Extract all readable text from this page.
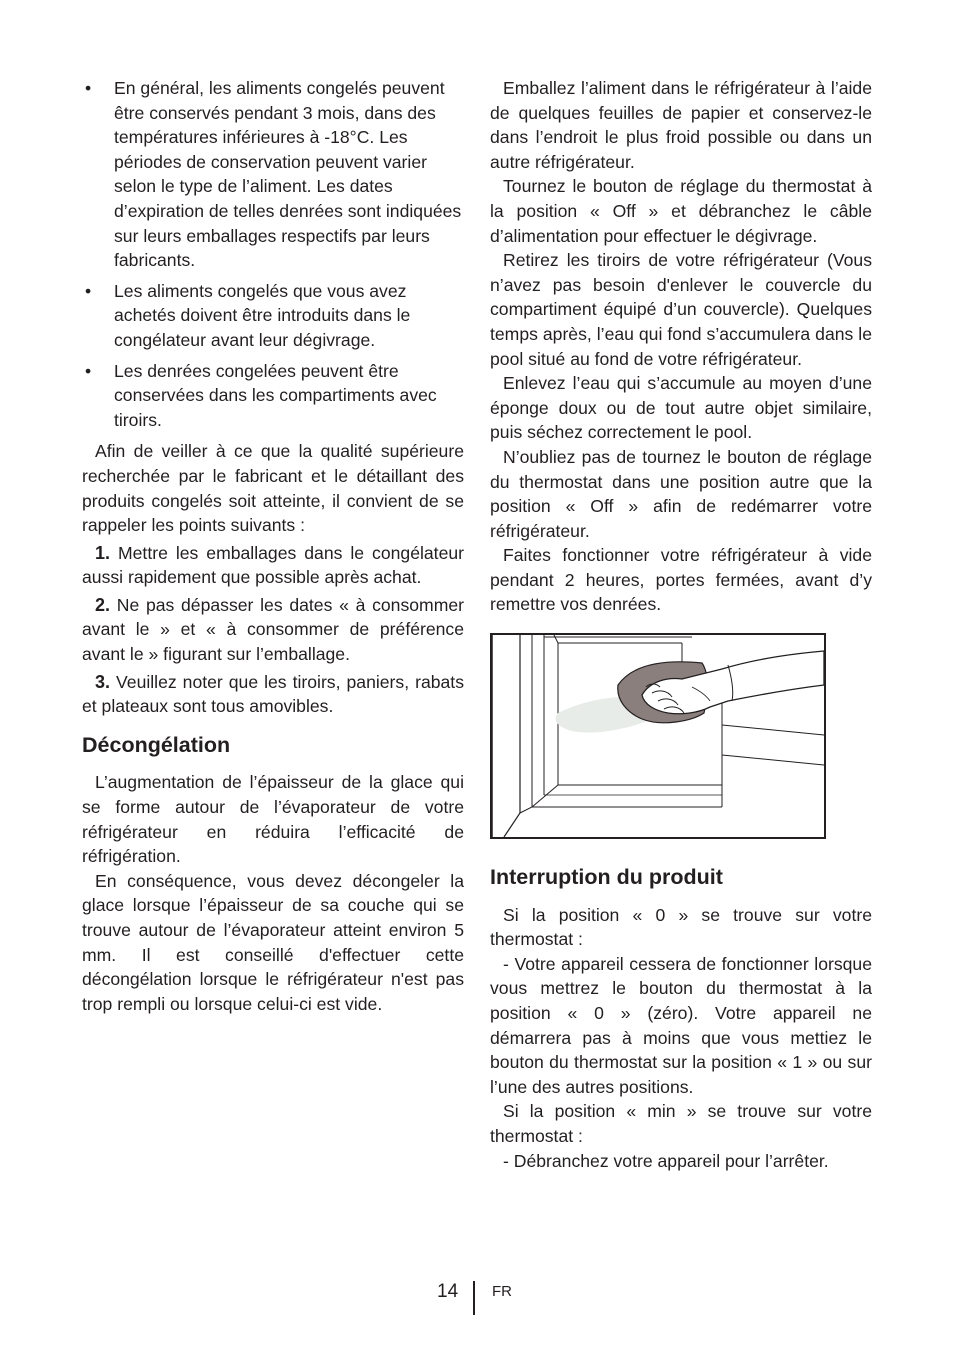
• En général, les aliments congelés peuvent être conservés pendant 3 mois, dans des températures inférieures à -18°C. Les périodes de conservation peuvent varier selon le type de l’aliment. Les dates d’expiration de telles denrées sont indiquées sur leurs emballages respectifs par leurs fabricants.
• Les aliments congelés que vous avez achetés doivent être introduits dans le congélateur avant leur dégivrage.
• Les denrées congelées peuvent être conservées dans les compartiments avec tiroirs.

Afin de veiller à ce que la qualité supérieure recherchée par le fabricant et le détaillant des produits congelés soit atteinte, il convient de se rappeler les points suivants :

1. Mettre les emballages dans le congélateur aussi rapidement que possible après achat.

2. Ne pas dépasser les dates « à consommer avant le » et « à consommer de préférence avant le » figurant sur l’emballage.

3. Veuillez noter que les tiroirs, paniers, rabats et plateaux sont tous amovibles.

Décongélation

L’augmentation de l’épaisseur de la glace qui se forme autour de l’évaporateur de votre réfrigérateur en réduira l’efficacité de réfrigération.

En conséquence, vous devez décongeler la glace lorsque l’épaisseur de sa couche qui se trouve autour de l’évaporateur atteint environ 5 mm. Il est conseillé d'effectuer cette décongélation lorsque le réfrigérateur n'est pas trop rempli ou lorsque celui-ci est vide.

Emballez l’aliment dans le réfrigérateur à l’aide de quelques feuilles de papier et conservez-le dans l’endroit le plus froid possible ou dans un autre réfrigérateur.

Tournez le bouton de réglage du thermostat à la position « Off » et débranchez le câble d’alimentation pour effectuer le dégivrage.

Retirez les tiroirs de votre réfrigérateur (Vous n’avez pas besoin d'enlever le couvercle du compartiment équipé d’un couvercle). Quelques temps après, l’eau qui fond s’accumulera dans le pool situé au fond de votre réfrigérateur.

Enlevez l’eau qui s’accumule au moyen d’une éponge doux ou de tout autre objet similaire, puis séchez correctement le pool.

N’oubliez pas de tournez le bouton de réglage du thermostat dans une position autre que la position « Off » afin de redémarrer votre réfrigérateur.

Faites fonctionner votre réfrigérateur à vide pendant 2 heures, portes fermées, avant d’y remettre vos denrées.

Interruption du produit

Si la position « 0 » se trouve sur votre thermostat :

- Votre appareil cessera de fonctionner lorsque vous mettrez le bouton du thermostat à la position « 0 » (zéro). Votre appareil ne démarrera pas à moins que vous mettiez le bouton du thermostat sur la position « 1 » ou sur l’une des autres positions.

Si la position « min » se trouve sur votre thermostat :

- Débranchez votre appareil pour l’arrêter.

14 FR
